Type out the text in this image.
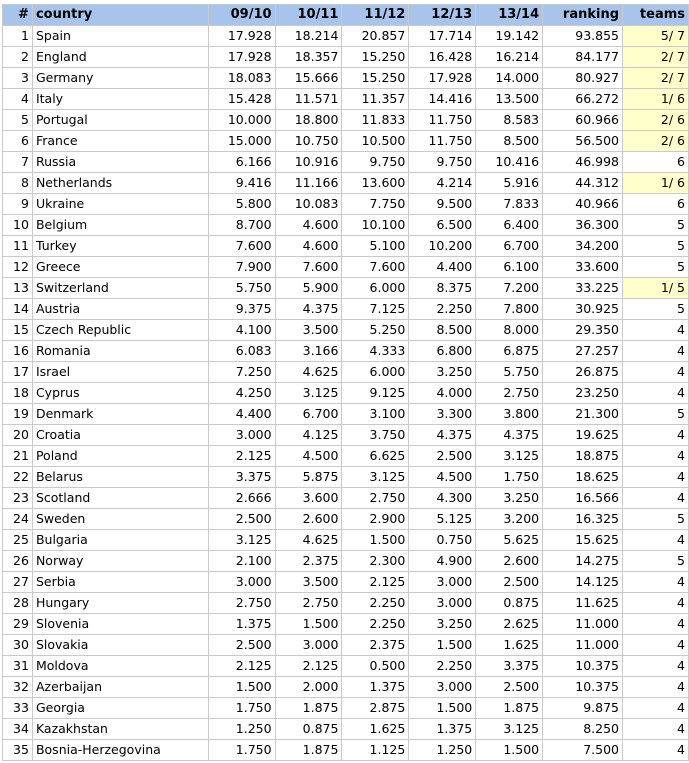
#	country	09/10	10/11	11/12	12/13	13/14	ranking	teams
1	Spain	17.928	18.214	20.857	17.714	19.142	93.855	5/ 7
2	England	17.928	18.357	15.250	16.428	16.214	84.177	2/ 7
3	Germany	18.083	15.666	15.250	17.928	14.000	80.927	2/ 7
4	Italy	15.428	11.571	11.357	14.416	13.500	66.272	1/ 6
5	Portugal	10.000	18.800	11.833	11.750	8.583	60.966	2/ 6
6	France	15.000	10.750	10.500	11.750	8.500	56.500	2/ 6
7	Russia	6.166	10.916	9.750	9.750	10.416	46.998	6
8	Netherlands	9.416	11.166	13.600	4.214	5.916	44.312	1/ 6
9	Ukraine	5.800	10.083	7.750	9.500	7.833	40.966	6
10	Belgium	8.700	4.600	10.100	6.500	6.400	36.300	5
11	Turkey	7.600	4.600	5.100	10.200	6.700	34.200	5
12	Greece	7.900	7.600	7.600	4.400	6.100	33.600	5
13	Switzerland	5.750	5.900	6.000	8.375	7.200	33.225	1/ 5
14	Austria	9.375	4.375	7.125	2.250	7.800	30.925	5
15	Czech Republic	4.100	3.500	5.250	8.500	8.000	29.350	4
16	Romania	6.083	3.166	4.333	6.800	6.875	27.257	4
17	Israel	7.250	4.625	6.000	3.250	5.750	26.875	4
18	Cyprus	4.250	3.125	9.125	4.000	2.750	23.250	4
19	Denmark	4.400	6.700	3.100	3.300	3.800	21.300	5
20	Croatia	3.000	4.125	3.750	4.375	4.375	19.625	4
21	Poland	2.125	4.500	6.625	2.500	3.125	18.875	4
22	Belarus	3.375	5.875	3.125	4.500	1.750	18.625	4
23	Scotland	2.666	3.600	2.750	4.300	3.250	16.566	4
24	Sweden	2.500	2.600	2.900	5.125	3.200	16.325	5
25	Bulgaria	3.125	4.625	1.500	0.750	5.625	15.625	4
26	Norway	2.100	2.375	2.300	4.900	2.600	14.275	5
27	Serbia	3.000	3.500	2.125	3.000	2.500	14.125	4
28	Hungary	2.750	2.750	2.250	3.000	0.875	11.625	4
29	Slovenia	1.375	1.500	2.250	3.250	2.625	11.000	4
30	Slovakia	2.500	3.000	2.375	1.500	1.625	11.000	4
31	Moldova	2.125	2.125	0.500	2.250	3.375	10.375	4
32	Azerbaijan	1.500	2.000	1.375	3.000	2.500	10.375	4
33	Georgia	1.750	1.875	2.875	1.500	1.875	9.875	4
34	Kazakhstan	1.250	0.875	1.625	1.375	3.125	8.250	4
35	Bosnia-Herzegovina	1.750	1.875	1.125	1.250	1.500	7.500	4
